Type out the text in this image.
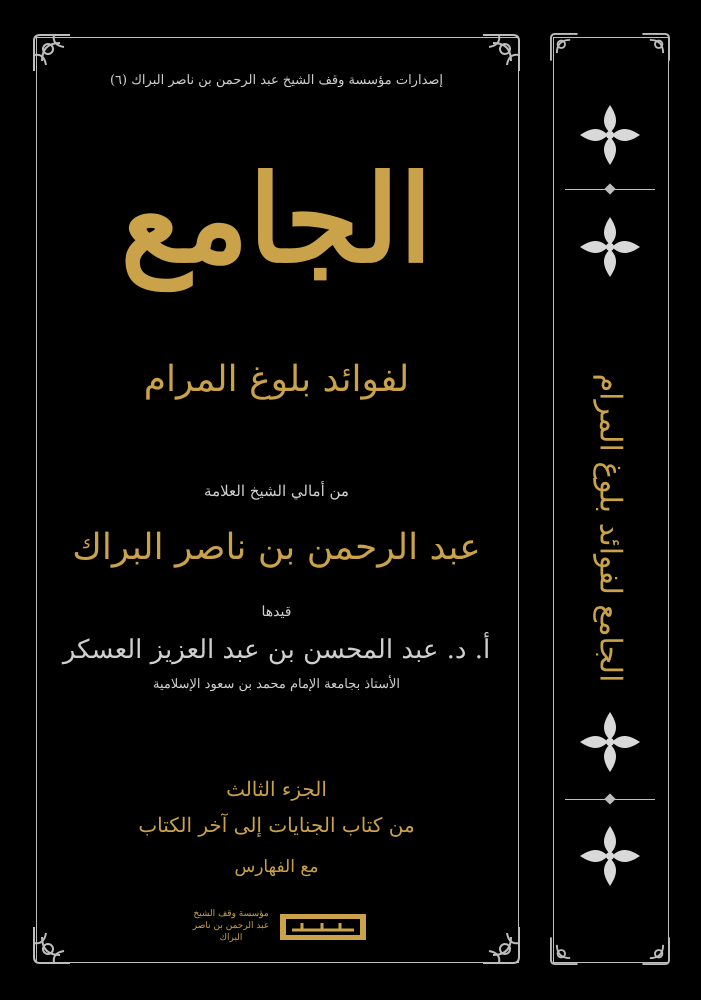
إصدارات مؤسسة وقف الشيخ عبد الرحمن بن ناصر البراك (٦)
الجامع
لفوائد بلوغ المرام
من أمالي الشيخ العلامة
عبد الرحمن بن ناصر البراك
قيدها
أ. د. عبد المحسن بن عبد العزيز العسكر
الأستاذ بجامعة الإمام محمد بن سعود الإسلامية
الجزء الثالث
من كتاب الجنايات إلى آخر الكتاب
مع الفهارس
مؤسسة وقف الشيخ عبد الرحمن بن ناصر البراك
الجامع لفوائد بلوغ المرام
